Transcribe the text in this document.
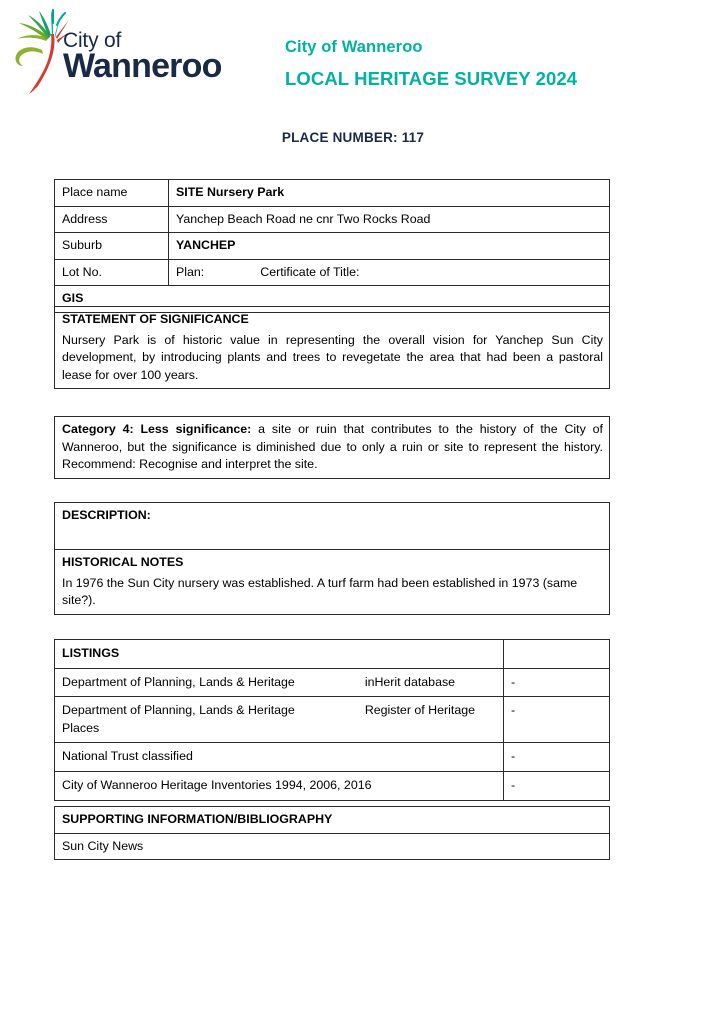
City of
Wanneroo	City of Wanneroo
LOCAL HERITAGE SURVEY 2024
PLACE NUMBER: 117
Place name	SITE Nursery Park
Address	Yanchep Beach Road ne cnr Two Rocks Road
Suburb	YANCHEP
Lot No.	Plan: Certificate of Title:
GIS	
STATEMENT OF SIGNIFICANCE
Nursery Park is of historic value in representing the overall vision for Yanchep Sun City development, by introducing plants and trees to revegetate the area that had been a pastoral lease for over 100 years.
Category 4: Less significance: a site or ruin that contributes to the history of the City of Wanneroo, but the significance is diminished due to only a ruin or site to represent the history. Recommend: Recognise and interpret the site.
DESCRIPTION:

HISTORICAL NOTES
In 1976 the Sun City nursery was established. A turf farm had been established in 1973 (same site?).
LISTINGS	
Department of Planning, Lands & Heritage inHerit database	-
Department of Planning, Lands & Heritage Register of Heritage
Places	-
National Trust classified	-
City of Wanneroo Heritage Inventories 1994, 2006, 2016	-
SUPPORTING INFORMATION/BIBLIOGRAPHY
Sun City News
